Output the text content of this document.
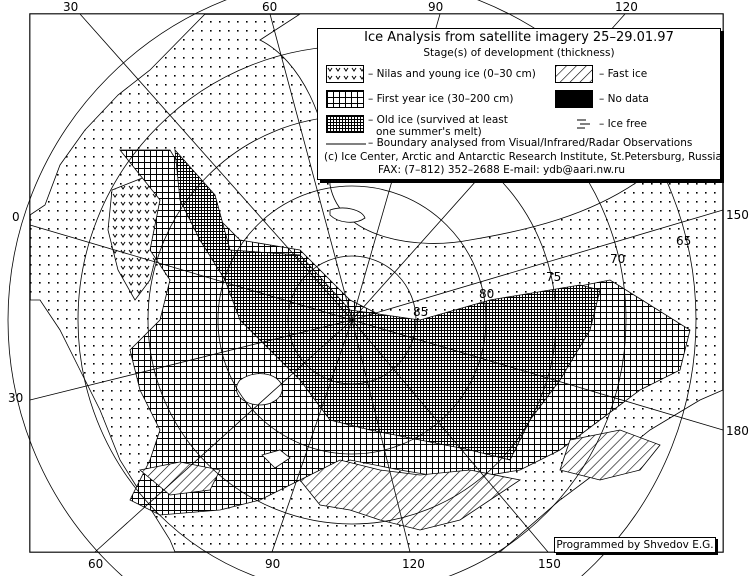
30	60	90	120
60	90	120	150
0
30
150
180
65
70
75
80
85
Ice Analysis from satellite imagery 25–29.01.97
Stage(s) of development (thickness)
– Nilas and young ice (0–30 cm)	– Fast ice
– First year ice (30–200 cm)	– No data
– Old ice (survived at least
one summer's melt)
– Ice free
– Boundary analysed from Visual/Infrared/Radar Observations
(c) Ice Center, Arctic and Antarctic Research Institute, St.Petersburg, Russia
FAX: (7–812) 352–2688 E-mail: ydb@aari.nw.ru
Programmed by Shvedov E.G.
